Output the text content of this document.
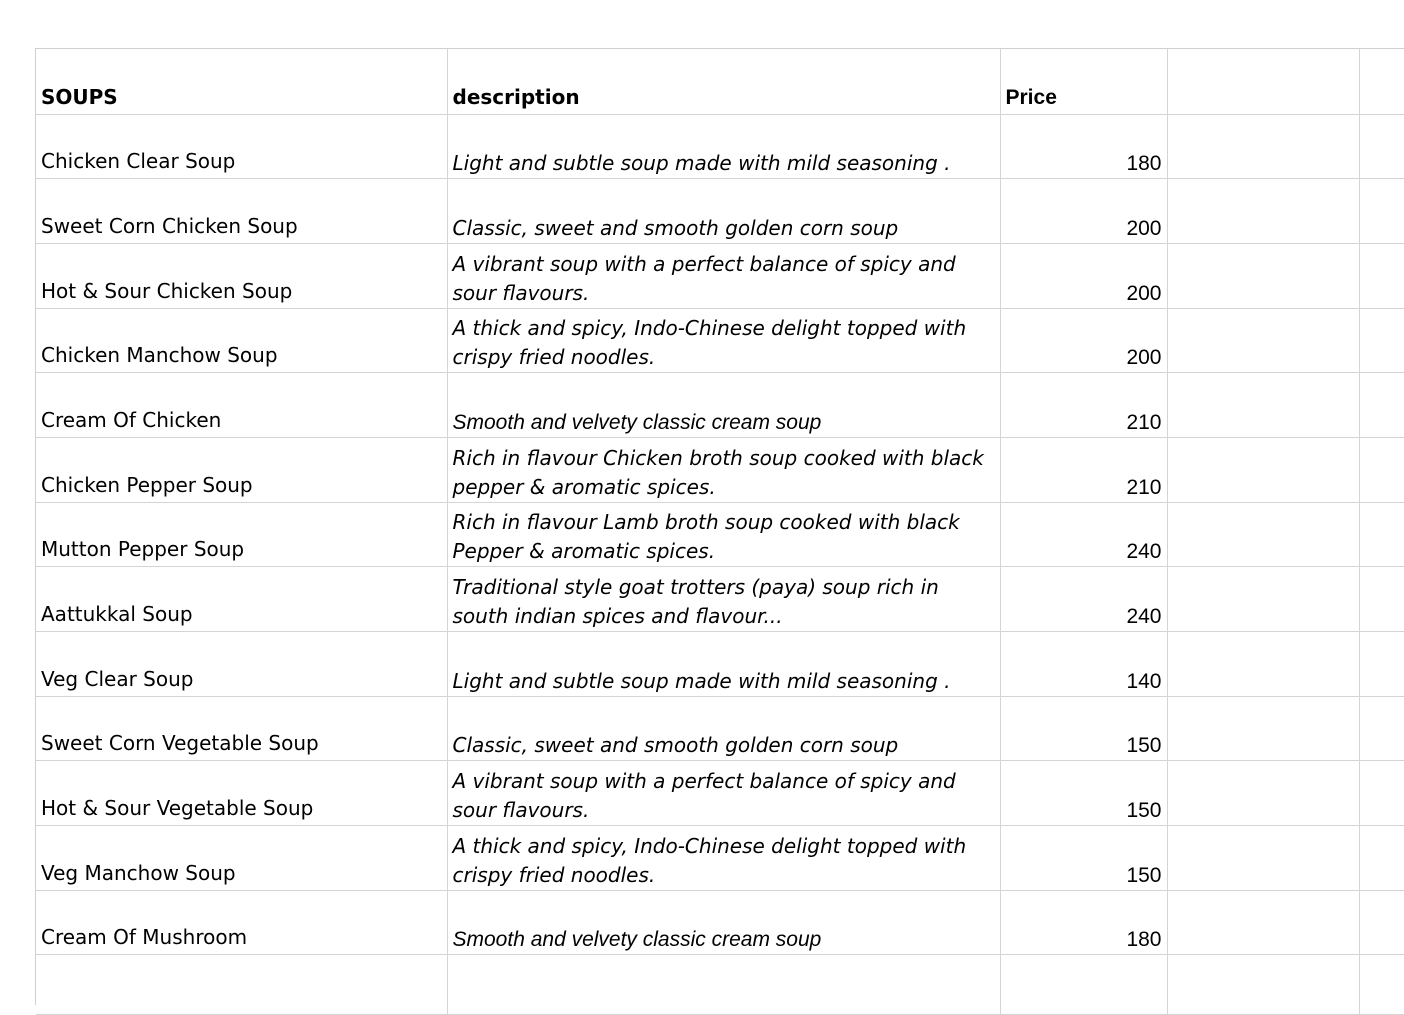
SOUPS	description	Price		

Chicken Clear Soup	Light and subtle soup made with mild seasoning .	180		

Sweet Corn Chicken Soup	Classic, sweet and smooth golden corn soup	200		

Hot & Sour Chicken Soup	A vibrant soup with a perfect balance of spicy and sour flavours.	200		

Chicken Manchow Soup	A thick and spicy, Indo-Chinese delight topped with crispy fried noodles.	200		

Cream Of Chicken	Smooth and velvety classic cream soup	210		

Chicken Pepper Soup	Rich in flavour Chicken broth soup cooked with black pepper & aromatic spices.	210		

Mutton Pepper Soup	Rich in flavour Lamb broth soup cooked with black Pepper & aromatic spices.	240		

Aattukkal Soup	Traditional style goat trotters (paya) soup rich in south indian spices and flavour...	240		

Veg Clear Soup	Light and subtle soup made with mild seasoning .	140		

Sweet Corn Vegetable Soup	Classic, sweet and smooth golden corn soup	150		

Hot & Sour Vegetable Soup	A vibrant soup with a perfect balance of spicy and sour flavours.	150		

Veg Manchow Soup	A thick and spicy, Indo-Chinese delight topped with crispy fried noodles.	150		

Cream Of Mushroom	Smooth and velvety classic cream soup	180		
